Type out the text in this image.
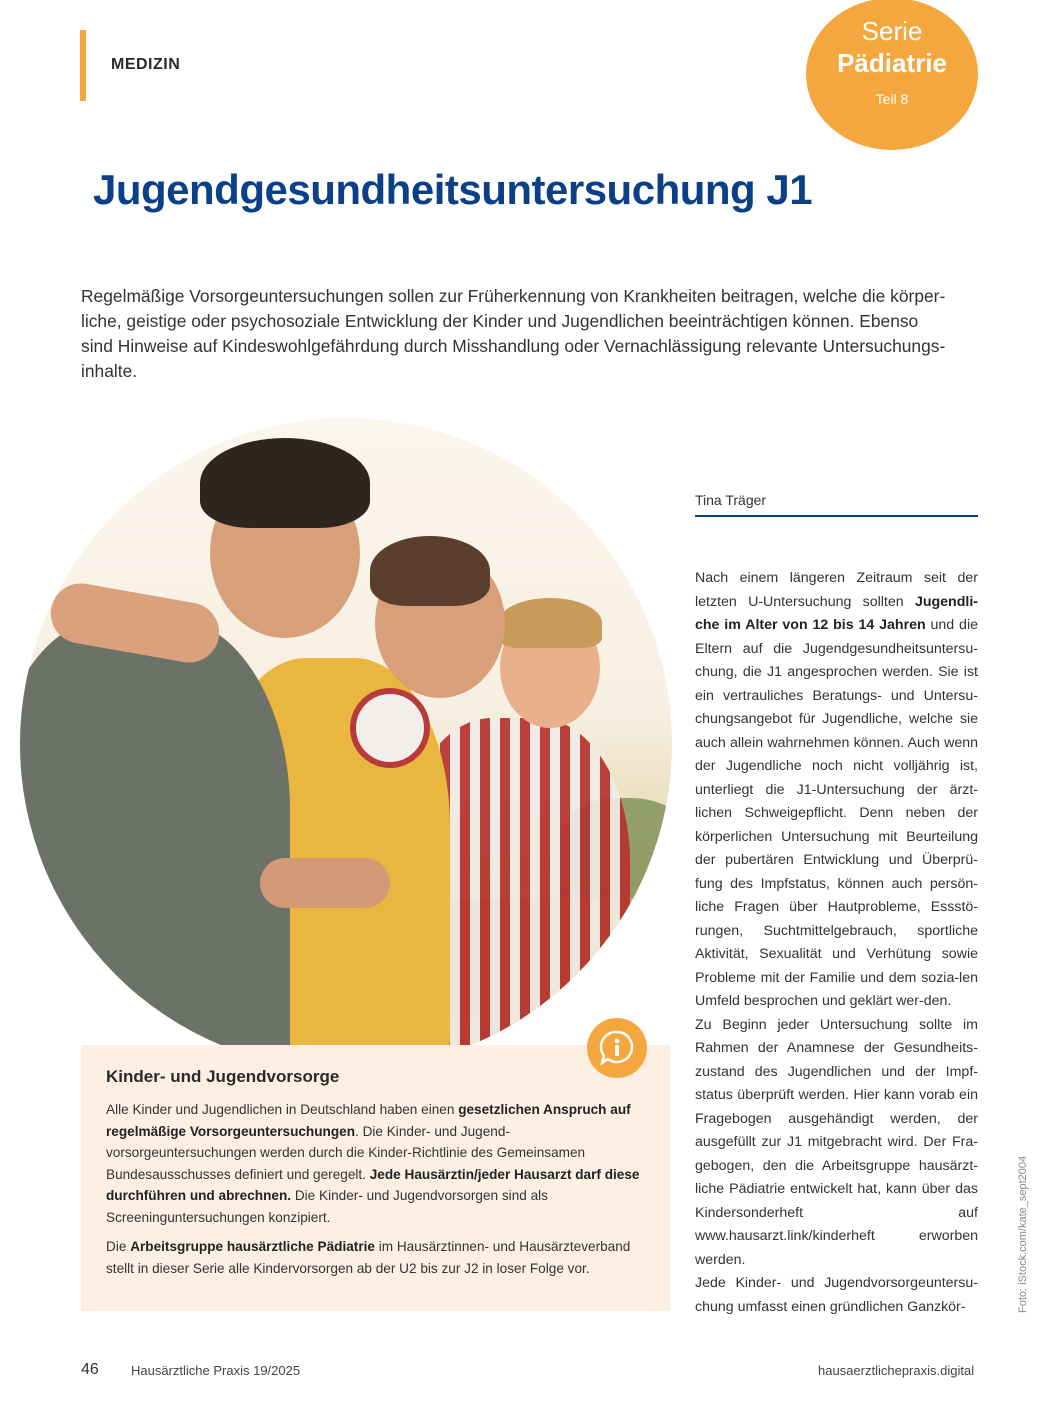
MEDIZIN
Serie
Pädiatrie
Teil 8
Jugendgesundheitsuntersuchung J1
Regelmäßige Vorsorgeuntersuchungen sollen zur Früherkennung von Krankheiten beitragen, welche die körper-
liche, geistige oder psychosoziale Entwicklung der Kinder und Jugendlichen beeinträchtigen können. Ebenso
sind Hinweise auf Kindeswohlgefährdung durch Misshandlung oder Vernachlässigung relevante Untersuchungs-
inhalte.
Tina Träger

Nach einem längeren Zeitraum seit der letzten U-Untersuchung sollten Jugendli-che im Alter von 12 bis 14 Jahren und die Eltern auf die Jugendgesundheitsuntersu-chung, die J1 angesprochen werden. Sie ist ein vertrauliches Beratungs- und Untersu-chungsangebot für Jugendliche, welche sie auch allein wahrnehmen können. Auch wenn der Jugendliche noch nicht volljährig ist, unterliegt die J1-Untersuchung der ärzt-lichen Schweigepflicht. Denn neben der körperlichen Untersuchung mit Beurteilung der pubertären Entwicklung und Überprü-fung des Impfstatus, können auch persön-liche Fragen über Hautprobleme, Essstö-rungen, Suchtmittelgebrauch, sportliche Aktivität, Sexualität und Verhütung sowie Probleme mit der Familie und dem sozia-len Umfeld besprochen und geklärt wer-den.

Zu Beginn jeder Untersuchung sollte im Rahmen der Anamnese der Gesundheits-zustand des Jugendlichen und der Impf-status überprüft werden. Hier kann vorab ein Fragebogen ausgehändigt werden, der ausgefüllt zur J1 mitgebracht wird. Der Fra-gebogen, den die Arbeitsgruppe hausärzt-liche Pädiatrie entwickelt hat, kann über das Kindersonderheft auf www.hausarzt.link/kinderheft erworben werden.

Jede Kinder- und Jugendvorsorgeuntersu-chung umfasst einen gründlichen Ganzkör-	Foto: iStock.com/kate_sept2004
Kinder- und Jugendvorsorge

Alle Kinder und Jugendlichen in Deutschland haben einen gesetzlichen Anspruch auf regelmäßige Vorsorgeuntersuchungen. Die Kinder- und Jugend-vorsorgeuntersuchungen werden durch die Kinder-Richtlinie des Gemeinsamen Bundesausschusses definiert und geregelt. Jede Hausärztin/jeder Hausarzt darf diese durchführen und abrechnen. Die Kinder- und Jugendvorsorgen sind als Screeninguntersuchungen konzipiert.

Die Arbeitsgruppe hausärztliche Pädiatrie im Hausärztinnen- und Hausärzteverband stellt in dieser Serie alle Kindervorsorgen ab der U2 bis zur J2 in loser Folge vor.

46 Hausärztliche Praxis 19/2025	hausaerztlichepraxis.digital
